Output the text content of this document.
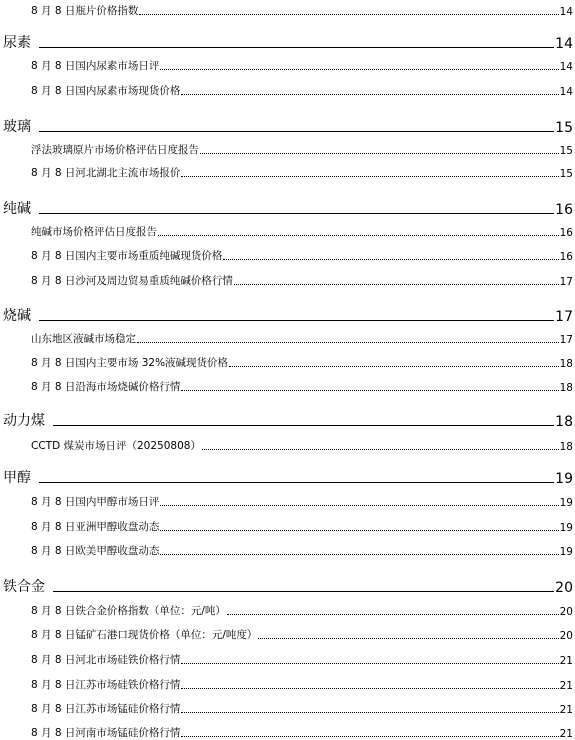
8 月 8 日瓶片价格指数	14
尿素	14
8 月 8 日国内尿素市场日评	14
8 月 8 日国内尿素市场现货价格	14
玻璃	15
浮法玻璃原片市场价格评估日度报告	15
8 月 8 日河北湖北主流市场报价	15
纯碱	16
纯碱市场价格评估日度报告	16
8 月 8 日国内主要市场重质纯碱现货价格	16
8 月 8 日沙河及周边贸易重质纯碱价格行情	17
烧碱	17
山东地区液碱市场稳定	17
8 月 8 日国内主要市场 32%液碱现货价格	18
8 月 8 日沿海市场烧碱价格行情	18
动力煤	18
CCTD 煤炭市场日评（20250808）	18
甲醇	19
8 月 8 日国内甲醇市场日评	19
8 月 8 日亚洲甲醇收盘动态	19
8 月 8 日欧美甲醇收盘动态	19
铁合金	20
8 月 8 日铁合金价格指数（单位：元/吨）	20
8 月 8 日锰矿石港口现货价格（单位：元/吨度）	20
8 月 8 日河北市场硅铁价格行情	21
8 月 8 日江苏市场硅铁价格行情	21
8 月 8 日江苏市场锰硅价格行情	21
8 月 8 日河南市场锰硅价格行情	21
